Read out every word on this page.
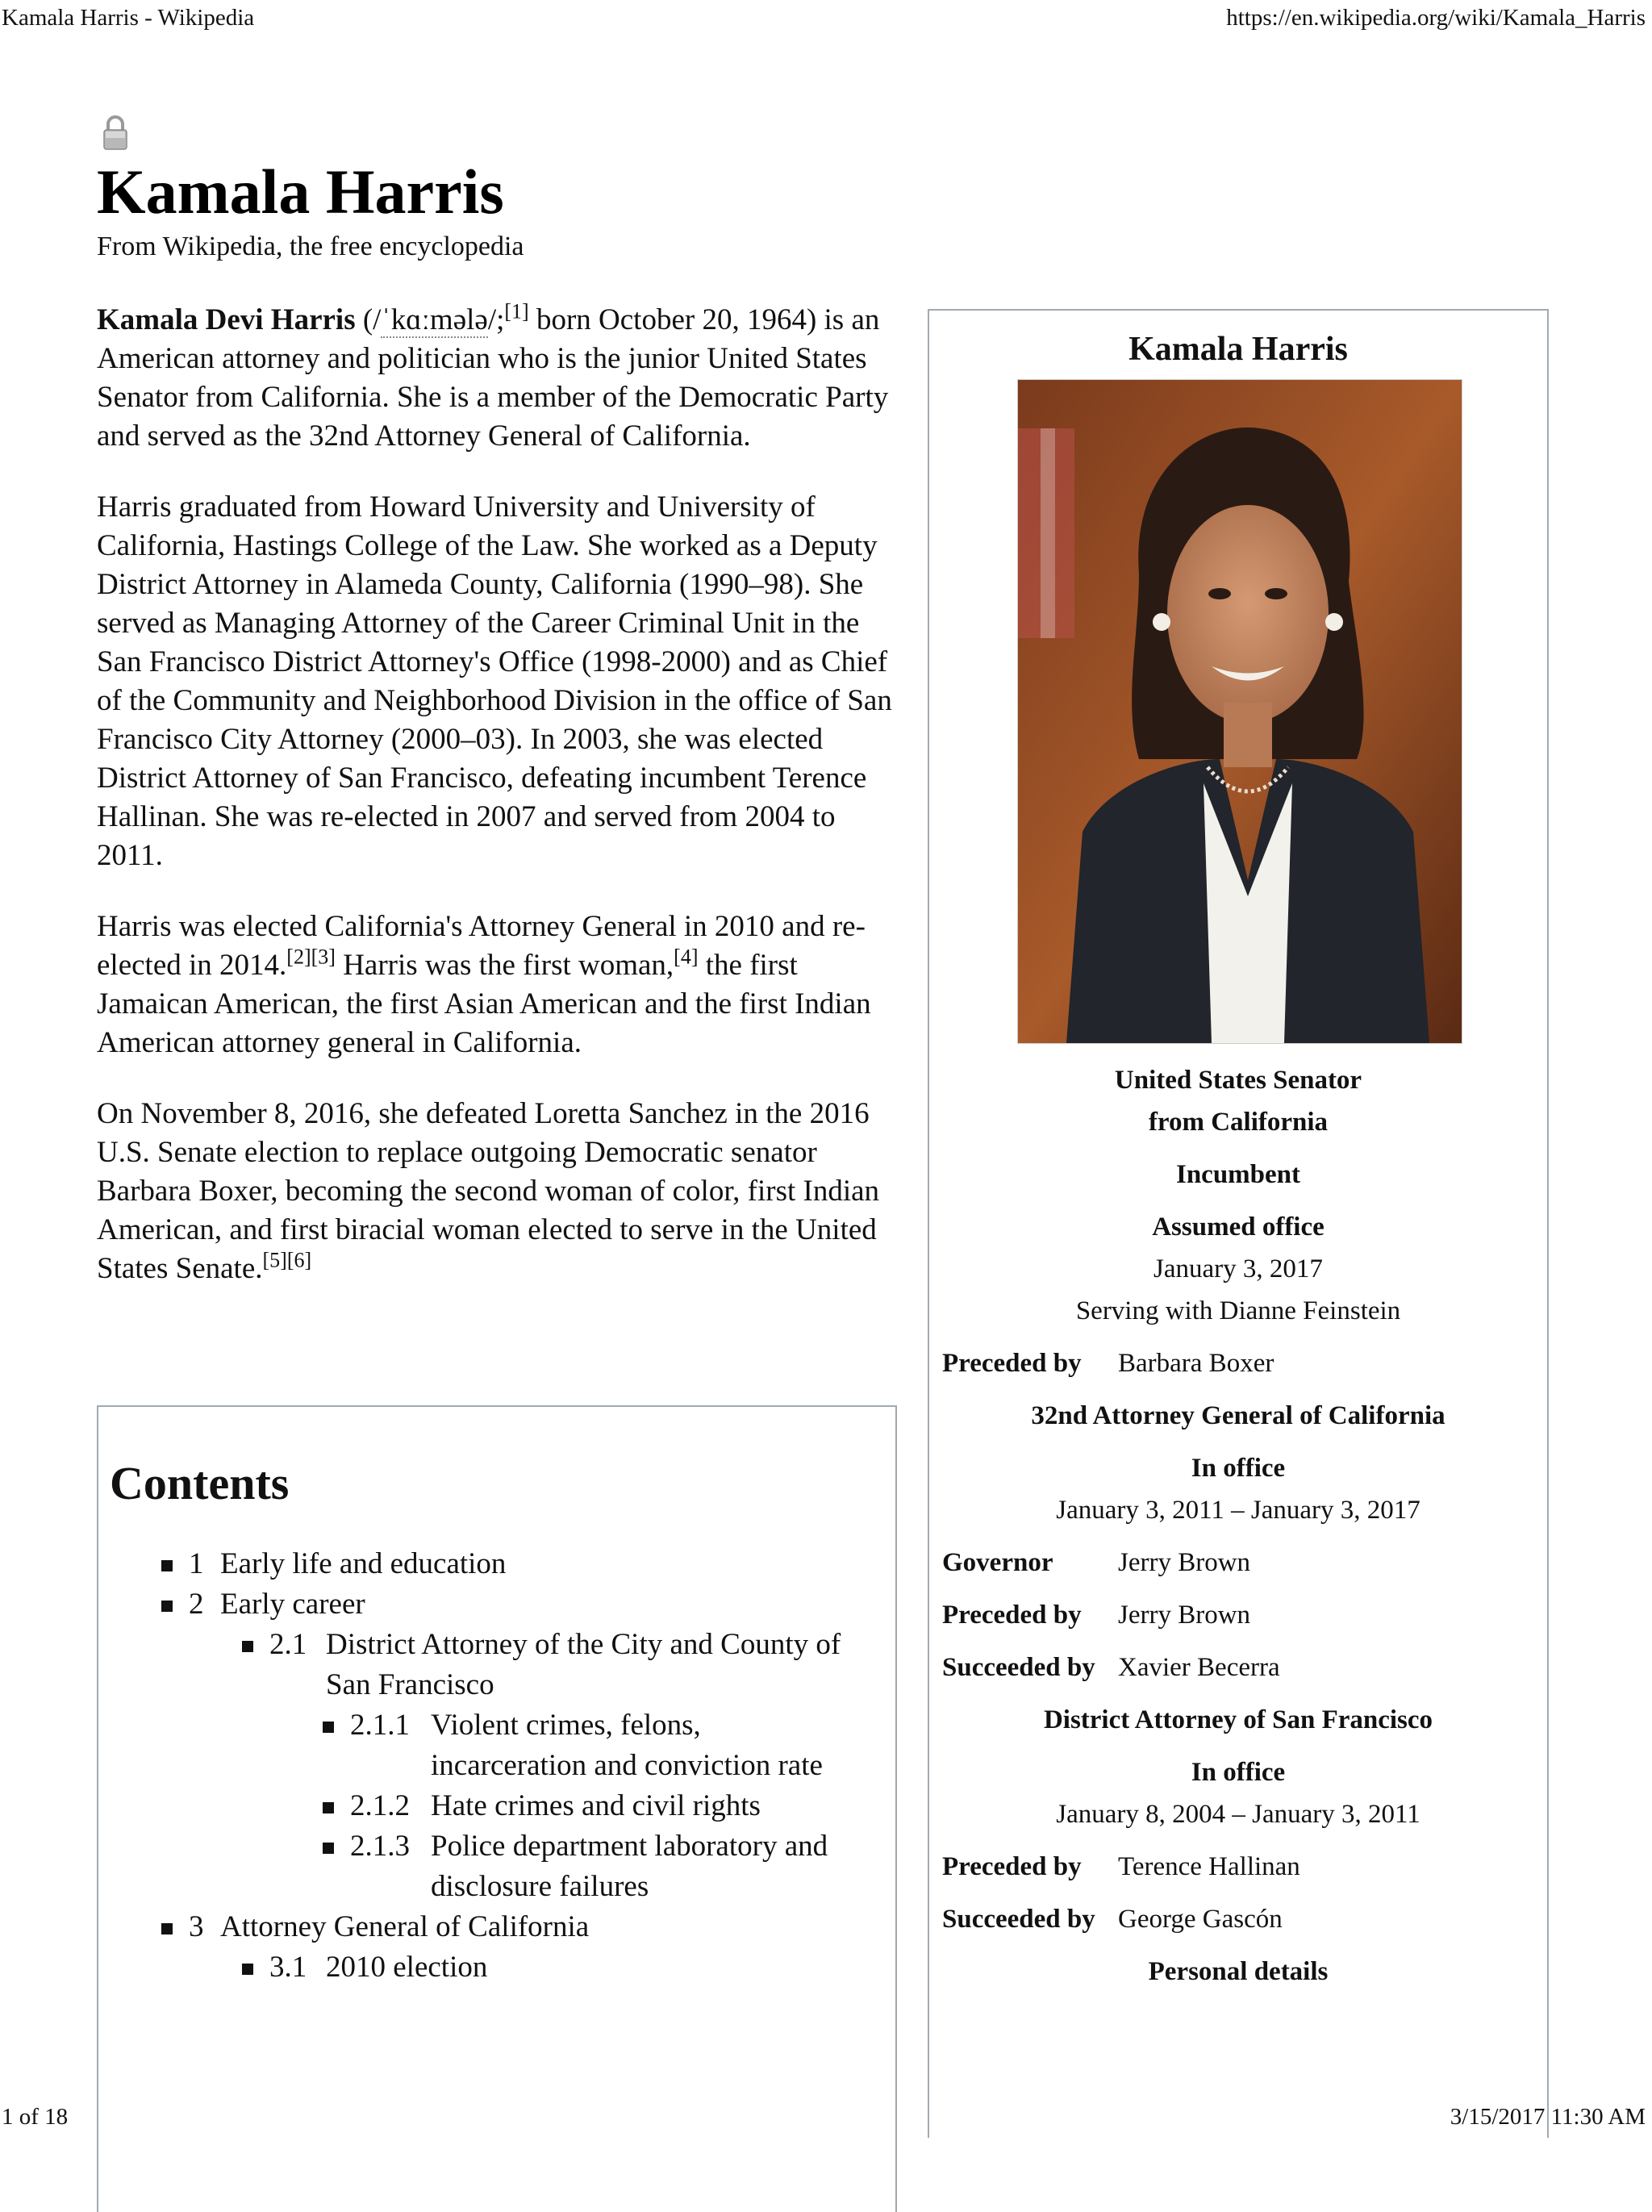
Kamala Harris - Wikipedia	https://en.wikipedia.org/wiki/Kamala_Harris
Kamala Harris
From Wikipedia, the free encyclopedia

Kamala Devi Harris (/ˈkɑːmələ/;[1] born October 20, 1964) is an American attorney and politician who is the junior United States Senator from California. She is a member of the Democratic Party and served as the 32nd Attorney General of California.

Harris graduated from Howard University and University of California, Hastings College of the Law. She worked as a Deputy District Attorney in Alameda County, California (1990–98). She served as Managing Attorney of the Career Criminal Unit in the San Francisco District Attorney's Office (1998-2000) and as Chief of the Community and Neighborhood Division in the office of San Francisco City Attorney (2000–03). In 2003, she was elected District Attorney of San Francisco, defeating incumbent Terence Hallinan. She was re-elected in 2007 and served from 2004 to 2011.

Harris was elected California's Attorney General in 2010 and re-elected in 2014.[2][3] Harris was the first woman,[4] the first Jamaican American, the first Asian American and the first Indian American attorney general in California.

On November 8, 2016, she defeated Loretta Sanchez in the 2016 U.S. Senate election to replace outgoing Democratic senator Barbara Boxer, becoming the second woman of color, first Indian American, and first biracial woman elected to serve in the United States Senate.[5][6]

Contents
1 Early life and education
2 Early career
2.1 District Attorney of the City and County of San Francisco
2.1.1 Violent crimes, felons, incarceration and conviction rate
2.1.2 Hate crimes and civil rights
2.1.3 Police department laboratory and disclosure failures
3 Attorney General of California
3.1 2010 election
Kamala Harris
United States Senator
from California
Incumbent
Assumed office
January 3, 2017
Serving with Dianne Feinstein
Preceded by Barbara Boxer
32nd Attorney General of California
In office
January 3, 2011 – January 3, 2017
Governor Jerry Brown
Preceded by Jerry Brown
Succeeded by Xavier Becerra
District Attorney of San Francisco
In office
January 8, 2004 – January 3, 2011
Preceded by Terence Hallinan
Succeeded by George Gascón
Personal details
1 of 18	3/15/2017 11:30 AM
